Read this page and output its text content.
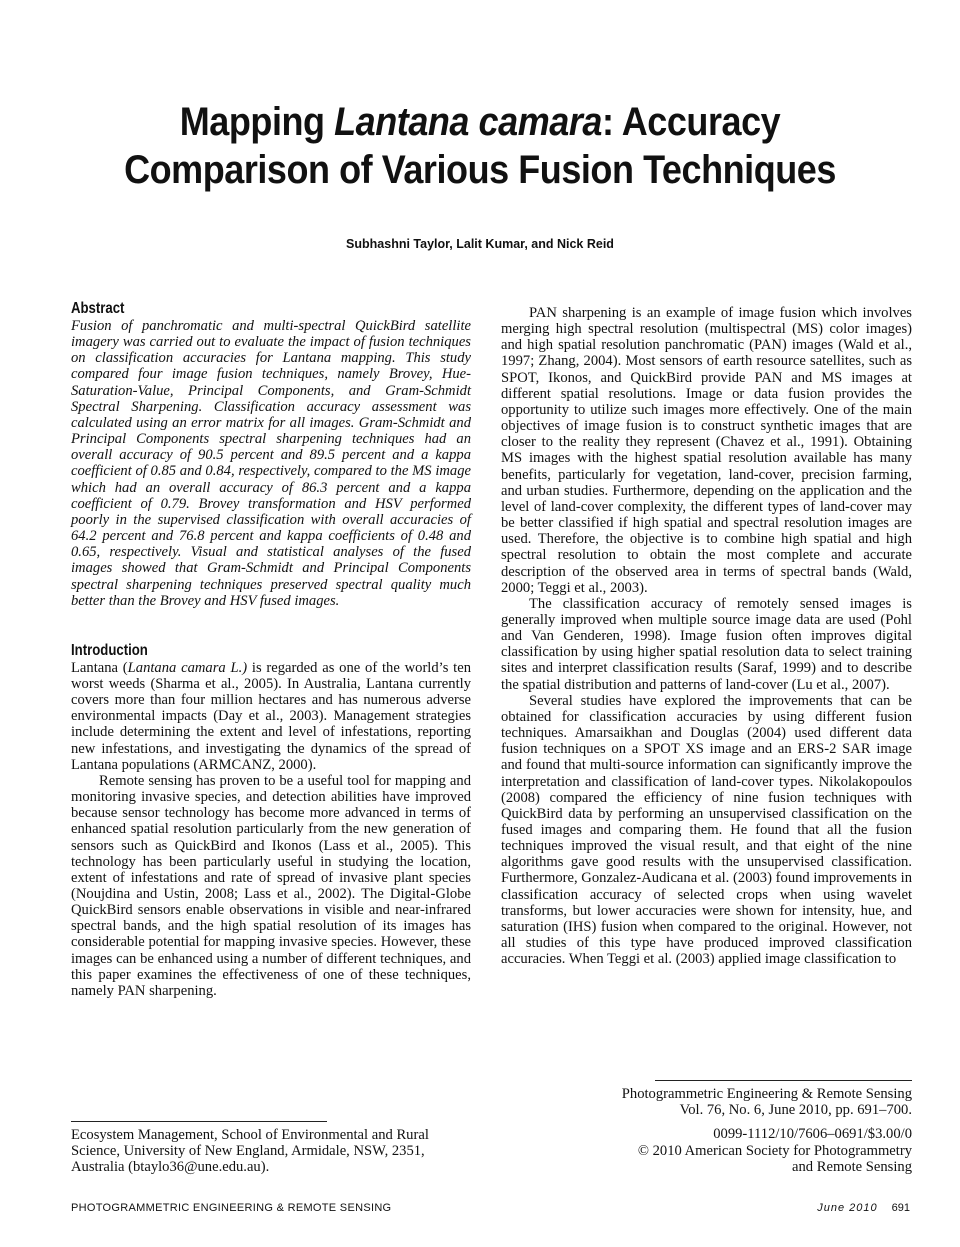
Mapping Lantana camara: Accuracy
Comparison of Various Fusion Techniques
Subhashni Taylor, Lalit Kumar, and Nick Reid
Abstract

Fusion of panchromatic and multi-spectral QuickBird satellite imagery was carried out to evaluate the impact of fusion techniques on classification accuracies for Lantana mapping. This study compared four image fusion techniques, namely Brovey, Hue-Saturation-Value, Principal Components, and Gram-Schmidt Spectral Sharpening. Classification accuracy assessment was calculated using an error matrix for all images. Gram-Schmidt and Principal Components spectral sharpening techniques had an overall accuracy of 90.5 percent and 89.5 percent and a kappa coefficient of 0.85 and 0.84, respectively, compared to the MS image which had an overall accuracy of 86.3 percent and a kappa coefficient of 0.79. Brovey transformation and HSV performed poorly in the supervised classification with overall accuracies of 64.2 percent and 76.8 percent and kappa coefficients of 0.48 and 0.65, respectively. Visual and statistical analyses of the fused images showed that Gram-Schmidt and Principal Components spectral sharpening techniques preserved spectral quality much better than the Brovey and HSV fused images.

Introduction

Lantana (Lantana camara L.) is regarded as one of the world’s ten worst weeds (Sharma et al., 2005). In Australia, Lantana currently covers more than four million hectares and has numerous adverse environmental impacts (Day et al., 2003). Management strategies include determining the extent and level of infestations, reporting new infestations, and investigating the dynamics of the spread of Lantana populations (ARMCANZ, 2000).

Remote sensing has proven to be a useful tool for mapping and monitoring invasive species, and detection abilities have improved because sensor technology has become more advanced in terms of enhanced spatial resolution particularly from the new generation of sensors such as QuickBird and Ikonos (Lass et al., 2005). This technology has been particularly useful in studying the location, extent of infestations and rate of spread of invasive plant species (Noujdina and Ustin, 2008; Lass et al., 2002). The Digital-Globe QuickBird sensors enable observations in visible and near-infrared spectral bands, and the high spatial resolution of its images has considerable potential for mapping invasive species. However, these images can be enhanced using a number of different techniques, and this paper examines the effectiveness of one of these techniques, namely PAN sharpening.

PAN sharpening is an example of image fusion which involves merging high spectral resolution (multispectral (MS) color images) and high spatial resolution panchromatic (PAN) images (Wald et al., 1997; Zhang, 2004). Most sensors of earth resource satellites, such as SPOT, Ikonos, and QuickBird provide PAN and MS images at different spatial resolutions. Image or data fusion provides the opportunity to utilize such images more effectively. One of the main objectives of image fusion is to construct synthetic images that are closer to the reality they represent (Chavez et al., 1991). Obtaining MS images with the highest spatial resolution available has many benefits, particularly for vegetation, land-cover, precision farming, and urban studies. Furthermore, depending on the application and the level of land-cover complexity, the different types of land-cover may be better classified if high spatial and spectral resolution images are used. Therefore, the objective is to combine high spatial and high spectral resolution to obtain the most complete and accurate description of the observed area in terms of spectral bands (Wald, 2000; Teggi et al., 2003).

The classification accuracy of remotely sensed images is generally improved when multiple source image data are used (Pohl and Van Genderen, 1998). Image fusion often improves digital classification by using higher spatial resolution data to select training sites and interpret classification results (Saraf, 1999) and to describe the spatial distribution and patterns of land-cover (Lu et al., 2007).

Several studies have explored the improvements that can be obtained for classification accuracies by using different fusion techniques. Amarsaikhan and Douglas (2004) used different data fusion techniques on a SPOT XS image and an ERS-2 SAR image and found that multi-source information can significantly improve the interpretation and classification of land-cover types. Nikolakopoulos (2008) compared the efficiency of nine fusion techniques with QuickBird data by performing an unsupervised classification on the fused images and comparing them. He found that all the fusion techniques improved the visual result, and that eight of the nine algorithms gave good results with the unsupervised classification. Furthermore, Gonzalez-Audicana et al. (2003) found improvements in classification accuracy of selected crops when using wavelet transforms, but lower accuracies were shown for intensity, hue, and saturation (IHS) fusion when compared to the original. However, not all studies of this type have produced improved classification accuracies. When Teggi et al. (2003) applied image classification to

Photogrammetric Engineering & Remote Sensing
Vol. 76, No. 6, June 2010, pp. 691–700.
0099-1112/10/7606–0691/$3.00/0
© 2010 American Society for Photogrammetry
and Remote Sensing
Ecosystem Management, School of Environmental and Rural
Science, University of New England, Armidale, NSW, 2351,
Australia (btaylo36@une.edu.au).
PHOTOGRAMMETRIC ENGINEERING & REMOTE SENSING	June 2010 691
